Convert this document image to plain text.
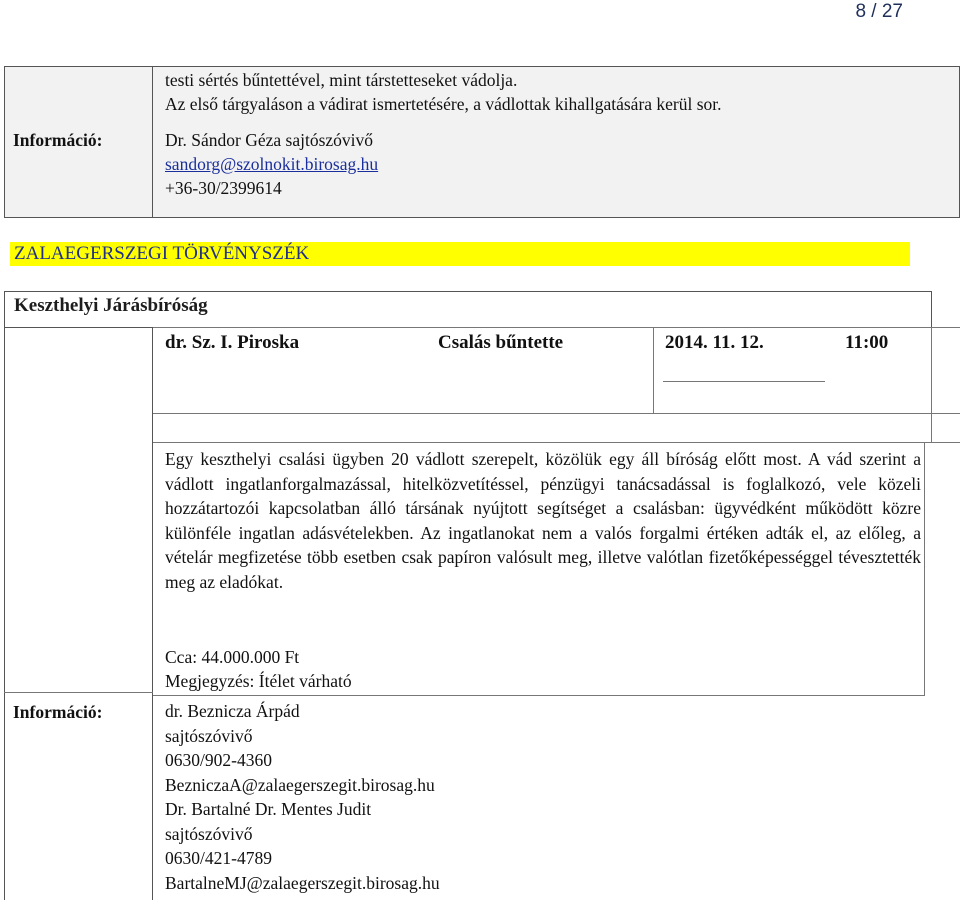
8 / 27
testi sértés bűntettével, mint társtetteseket vádolja.
Az első tárgyaláson a vádirat ismertetésére, a vádlottak kihallgatására kerül sor.
Információ:	Dr. Sándor Géza sajtószóvivő
sandorg@szolnokit.birosag.hu
+36-30/2399614
ZALAEGERSZEGI TÖRVÉNYSZÉK
Keszthelyi Járásbíróság
dr. Sz. I. Piroska	Csalás bűntette	2014. 11. 12.	11:00
Egy keszthelyi csalási ügyben 20 vádlott szerepelt, közölük egy áll bíróság előtt most. A vád szerint a vádlott ingatlanforgalmazással, hitelközvetítéssel, pénzügyi tanácsadással is foglalkozó, vele közeli hozzátartozói kapcsolatban álló társának nyújtott segítséget a csalásban: ügyvédként működött közre különféle ingatlan adásvételekben. Az ingatlanokat nem a valós forgalmi értéken adták el, az előleg, a vételár megfizetése több esetben csak papíron valósult meg, illetve valótlan fizetőképességgel tévesztették meg az eladókat.
Cca: 44.000.000 Ft
Megjegyzés: Ítélet várható
Információ:	dr. Beznicza Árpád
sajtószóvivő
0630/902-4360
BezniczaA@zalaegerszegit.birosag.hu
Dr. Bartalné Dr. Mentes Judit
sajtószóvivő
0630/421-4789
BartalneMJ@zalaegerszegit.birosag.hu
